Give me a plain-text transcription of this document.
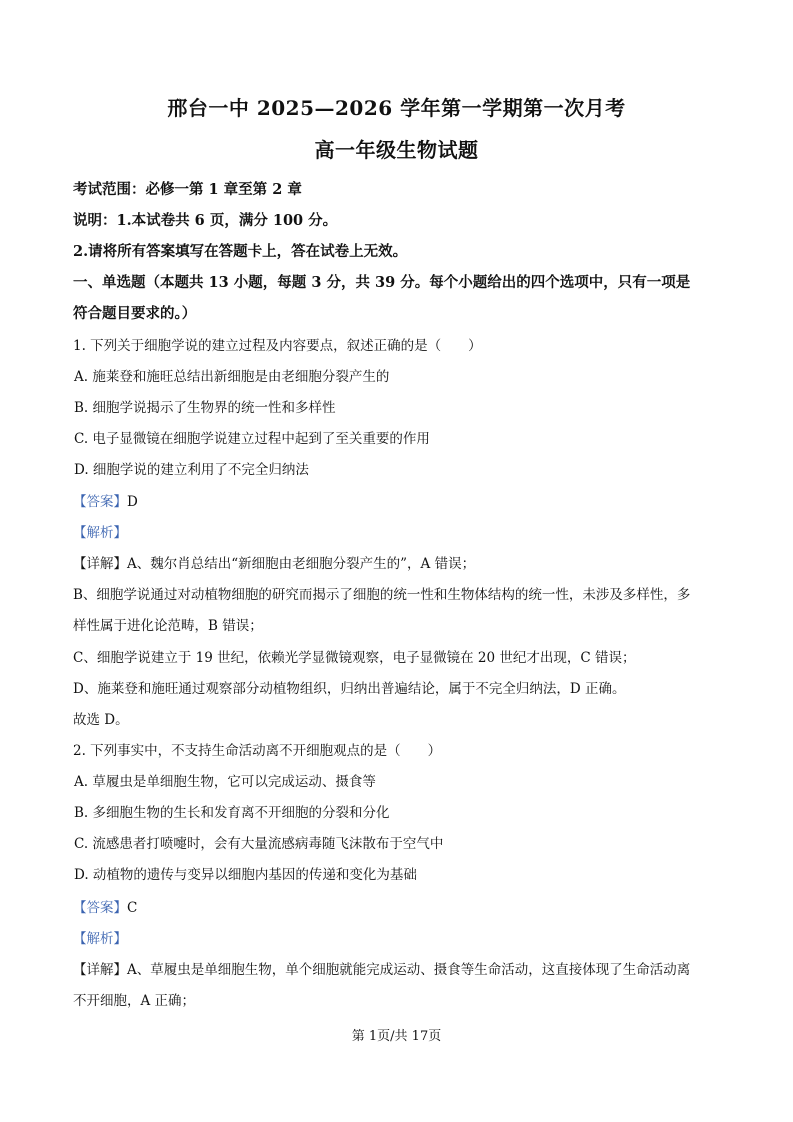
邢台一中 2025—2026 学年第一学期第一次月考
高一年级生物试题
考试范围：必修一第 1 章至第 2 章
说明：1.本试卷共 6 页，满分 100 分。
2.请将所有答案填写在答题卡上，答在试卷上无效。
一、单选题（本题共 13 小题，每题 3 分，共 39 分。每个小题给出的四个选项中，只有一项是
符合题目要求的。）
1. 下列关于细胞学说的建立过程及内容要点，叙述正确的是（　　）
A. 施莱登和施旺总结出新细胞是由老细胞分裂产生的
B. 细胞学说揭示了生物界的统一性和多样性
C. 电子显微镜在细胞学说建立过程中起到了至关重要的作用
D. 细胞学说的建立利用了不完全归纳法
【答案】D
【解析】
【详解】A、魏尔肖总结出“新细胞由老细胞分裂产生的”，A 错误；
B、细胞学说通过对动植物细胞的研究而揭示了细胞的统一性和生物体结构的统一性，未涉及多样性，多
样性属于进化论范畴，B 错误；
C、细胞学说建立于 19 世纪，依赖光学显微镜观察，电子显微镜在 20 世纪才出现，C 错误；
D、施莱登和施旺通过观察部分动植物组织，归纳出普遍结论，属于不完全归纳法，D 正确。
故选 D。
2. 下列事实中，不支持生命活动离不开细胞观点的是（　　）
A. 草履虫是单细胞生物，它可以完成运动、摄食等
B. 多细胞生物的生长和发育离不开细胞的分裂和分化
C. 流感患者打喷嚏时，会有大量流感病毒随飞沫散布于空气中
D. 动植物的遗传与变异以细胞内基因的传递和变化为基础
【答案】C
【解析】
【详解】A、草履虫是单细胞生物，单个细胞就能完成运动、摄食等生命活动，这直接体现了生命活动离
不开细胞，A 正确；
第 1页/共 17页
